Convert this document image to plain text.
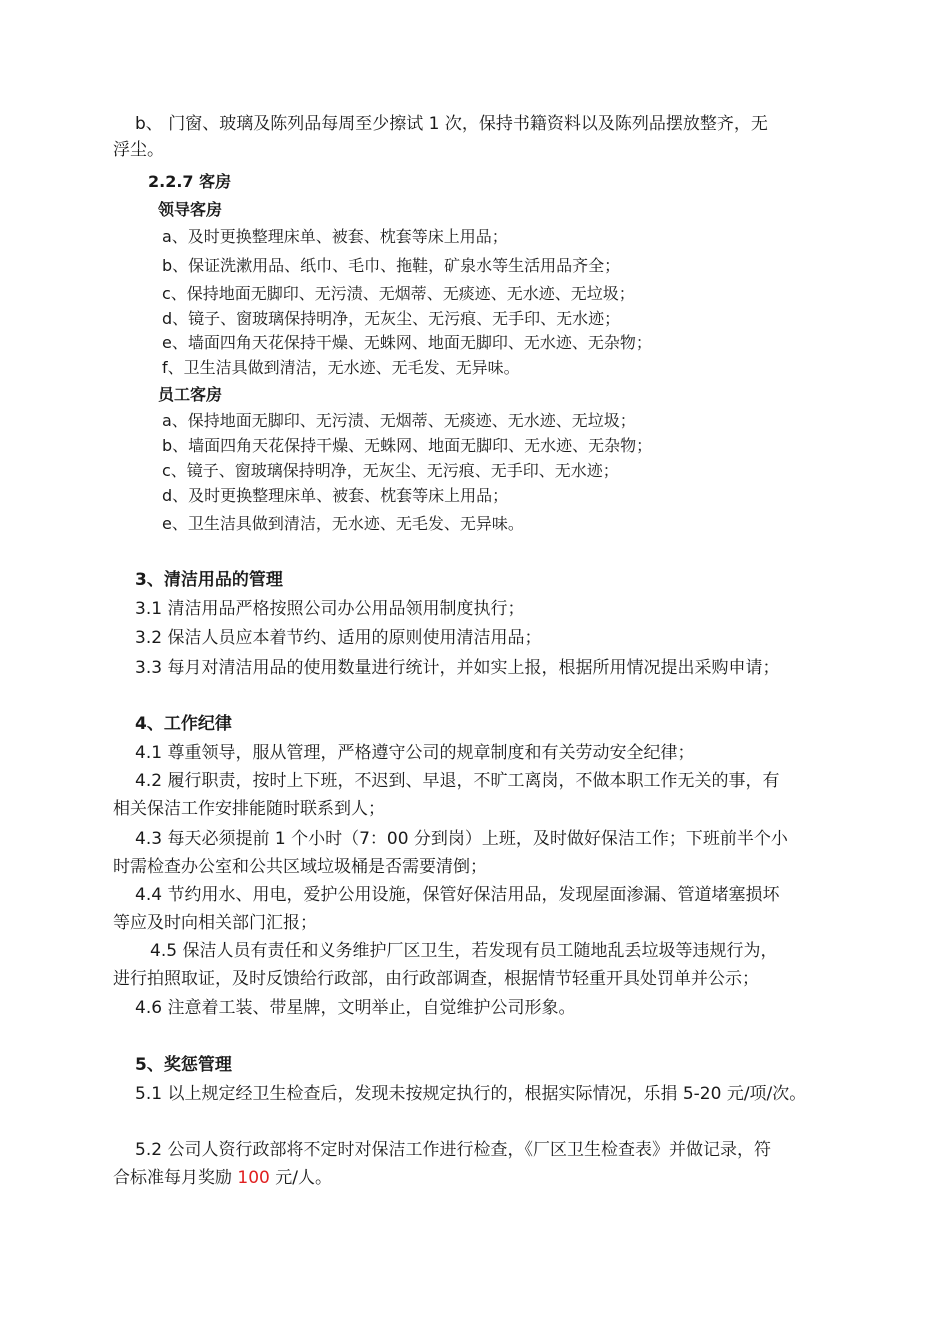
b、 门窗、玻璃及陈列品每周至少擦试 1 次，保持书籍资料以及陈列品摆放整齐，无
浮尘。
2.2.7 客房
领导客房
a、及时更换整理床单、被套、枕套等床上用品；
b、保证洗漱用品、纸巾、毛巾、拖鞋，矿泉水等生活用品齐全；
c、保持地面无脚印、无污渍、无烟蒂、无痰迹、无水迹、无垃圾；
d、镜子、窗玻璃保持明净，无灰尘、无污痕、无手印、无水迹；
e、墙面四角天花保持干燥、无蛛网、地面无脚印、无水迹、无杂物；
f、卫生洁具做到清洁，无水迹、无毛发、无异味。
员工客房
a、保持地面无脚印、无污渍、无烟蒂、无痰迹、无水迹、无垃圾；
b、墙面四角天花保持干燥、无蛛网、地面无脚印、无水迹、无杂物；
c、镜子、窗玻璃保持明净，无灰尘、无污痕、无手印、无水迹；
d、及时更换整理床单、被套、枕套等床上用品；
e、卫生洁具做到清洁，无水迹、无毛发、无异味。
3、清洁用品的管理
3.1 清洁用品严格按照公司办公用品领用制度执行；
3.2 保洁人员应本着节约、适用的原则使用清洁用品；
3.3 每月对清洁用品的使用数量进行统计，并如实上报，根据所用情况提出采购申请；
4、工作纪律
4.1 尊重领导，服从管理，严格遵守公司的规章制度和有关劳动安全纪律；
4.2 履行职责，按时上下班，不迟到、早退，不旷工离岗，不做本职工作无关的事，有
相关保洁工作安排能随时联系到人；
4.3 每天必须提前 1 个小时（7：00 分到岗）上班，及时做好保洁工作；下班前半个小
时需检查办公室和公共区域垃圾桶是否需要清倒；
4.4 节约用水、用电，爱护公用设施，保管好保洁用品，发现屋面渗漏、管道堵塞损坏
等应及时向相关部门汇报；
4.5 保洁人员有责任和义务维护厂区卫生，若发现有员工随地乱丢垃圾等违规行为，
进行拍照取证，及时反馈给行政部，由行政部调查，根据情节轻重开具处罚单并公示；
4.6 注意着工装、带星牌，文明举止，自觉维护公司形象。
5、奖惩管理
5.1 以上规定经卫生检查后，发现未按规定执行的，根据实际情况，乐捐 5-20 元/项/次。
5.2 公司人资行政部将不定时对保洁工作进行检查，《厂区卫生检查表》并做记录，符
合标准每月奖励 100 元/人。
